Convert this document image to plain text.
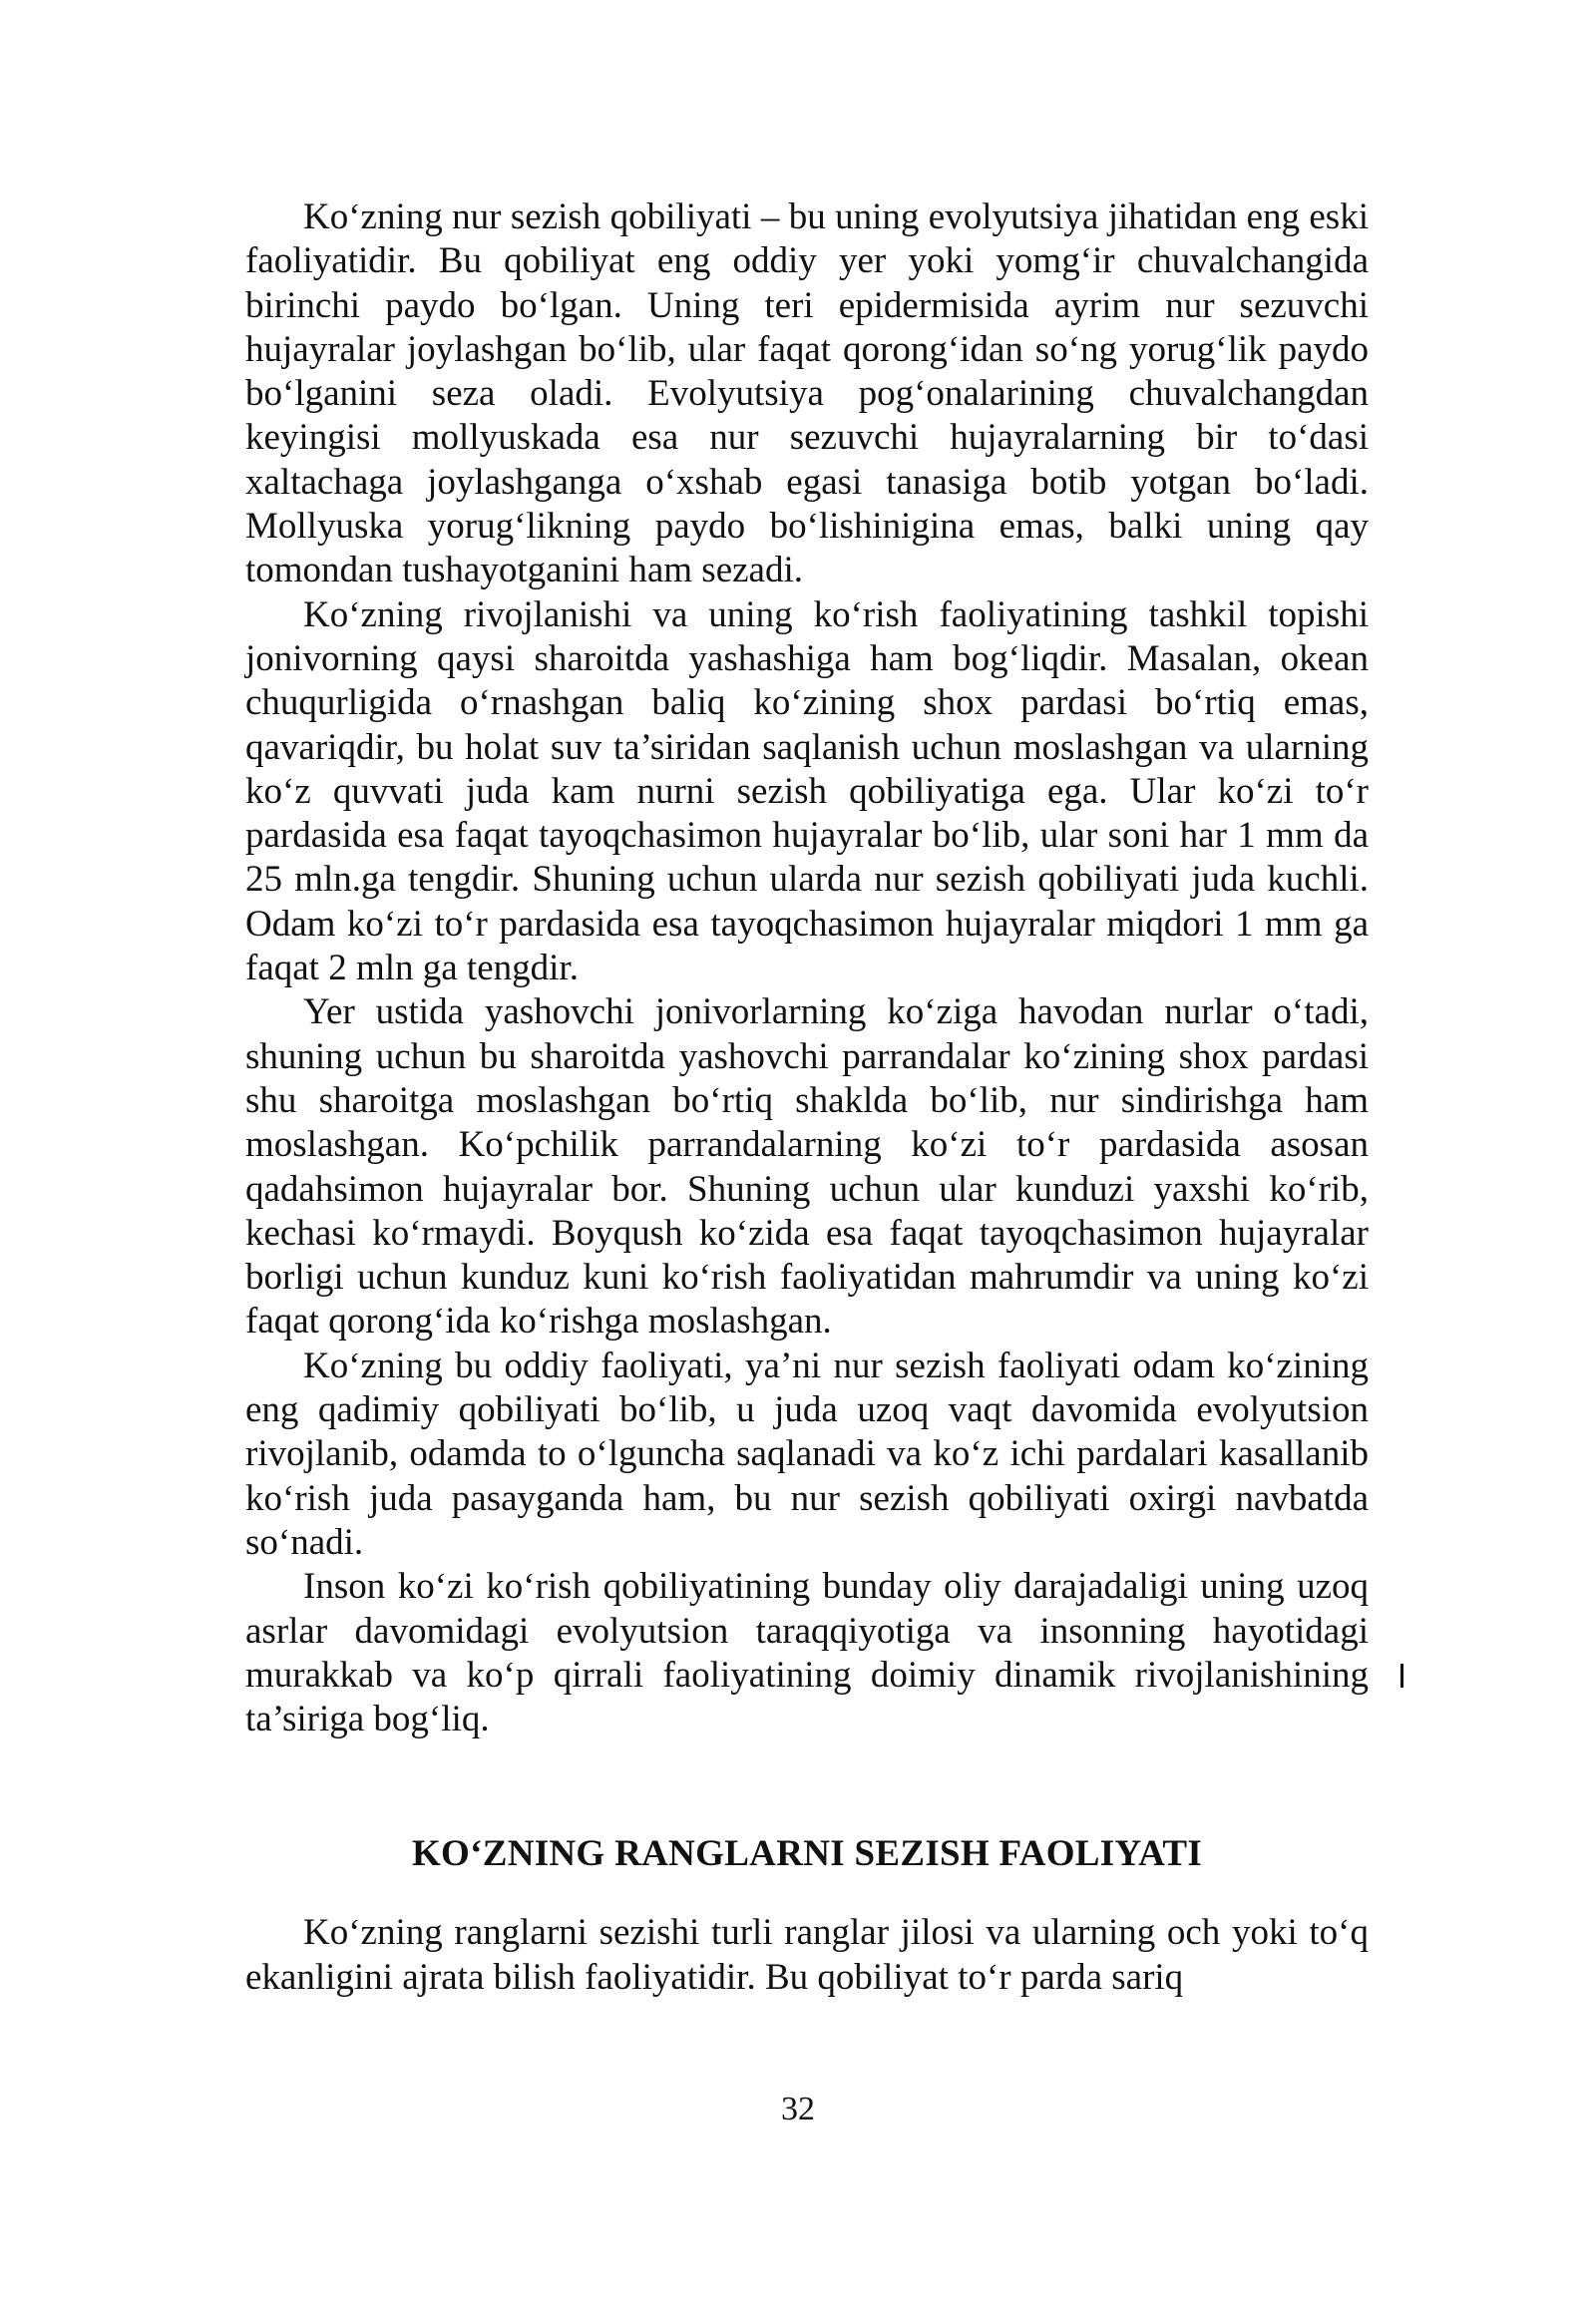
Ko‘zning nur sezish qobiliyati – bu uning evolyutsiya jihatidan eng eski faoliyatidir. Bu qobiliyat eng oddiy yer yoki yomg‘ir chuvalchangida birinchi paydo bo‘lgan. Uning teri epidermisida ayrim nur sezuvchi hujayralar joylashgan bo‘lib, ular faqat qorong‘idan so‘ng yorug‘lik paydo bo‘lganini seza oladi. Evolyutsiya pog‘onalarining chuvalchangdan keyingisi mollyuskada esa nur sezuvchi hujayralarning bir to‘dasi xaltachaga joylashganga o‘xshab egasi tanasiga botib yotgan bo‘ladi. Mollyuska yorug‘likning paydo bo‘lishinigina emas, balki uning qay tomondan tushayotganini ham sezadi.

Ko‘zning rivojlanishi va uning ko‘rish faoliyatining tashkil topishi jonivorning qaysi sharoitda yashashiga ham bog‘liqdir. Masalan, okean chuqurligida o‘rnashgan baliq ko‘zining shox pardasi bo‘rtiq emas, qavariqdir, bu holat suv ta’siridan saqlanish uchun moslashgan va ularning ko‘z quvvati juda kam nurni sezish qobiliyatiga ega. Ular ko‘zi to‘r pardasida esa faqat tayoqchasimon hujayralar bo‘lib, ular soni har 1 mm da 25 mln.ga tengdir. Shuning uchun ularda nur sezish qobiliyati juda kuchli. Odam ko‘zi to‘r pardasida esa tayoqchasimon hujayralar miqdori 1 mm ga faqat 2 mln ga tengdir.

Yer ustida yashovchi jonivorlarning ko‘ziga havodan nurlar o‘tadi, shuning uchun bu sharoitda yashovchi parrandalar ko‘zining shox pardasi shu sharoitga moslashgan bo‘rtiq shaklda bo‘lib, nur sindirishga ham moslashgan. Ko‘pchilik parrandalarning ko‘zi to‘r pardasida asosan qadahsimon hujayralar bor. Shuning uchun ular kunduzi yaxshi ko‘rib, kechasi ko‘rmaydi. Boyqush ko‘zida esa faqat tayoqchasimon hujayralar borligi uchun kunduz kuni ko‘rish faoliyatidan mahrumdir va uning ko‘zi faqat qorong‘ida ko‘rishga moslashgan.

Ko‘zning bu oddiy faoliyati, ya’ni nur sezish faoliyati odam ko‘zining eng qadimiy qobiliyati bo‘lib, u juda uzoq vaqt davomida evolyutsion rivojlanib, odamda to o‘lguncha saqlanadi va ko‘z ichi pardalari kasallanib ko‘rish juda pasayganda ham, bu nur sezish qobiliyati oxirgi navbatda so‘nadi.

Inson ko‘zi ko‘rish qobiliyatining bunday oliy darajadaligi uning uzoq asrlar davomidagi evolyutsion taraqqiyotiga va insonning hayotidagi murakkab va ko‘p qirrali faoliyatining doimiy dinamik rivojlanishining ta’siriga bog‘liq.

KO‘ZNING RANGLARNI SEZISH FAOLIYATI

Ko‘zning ranglarni sezishi turli ranglar jilosi va ularning och yoki to‘q ekanligini ajrata bilish faoliyatidir. Bu qobiliyat to‘r parda sariq

32
